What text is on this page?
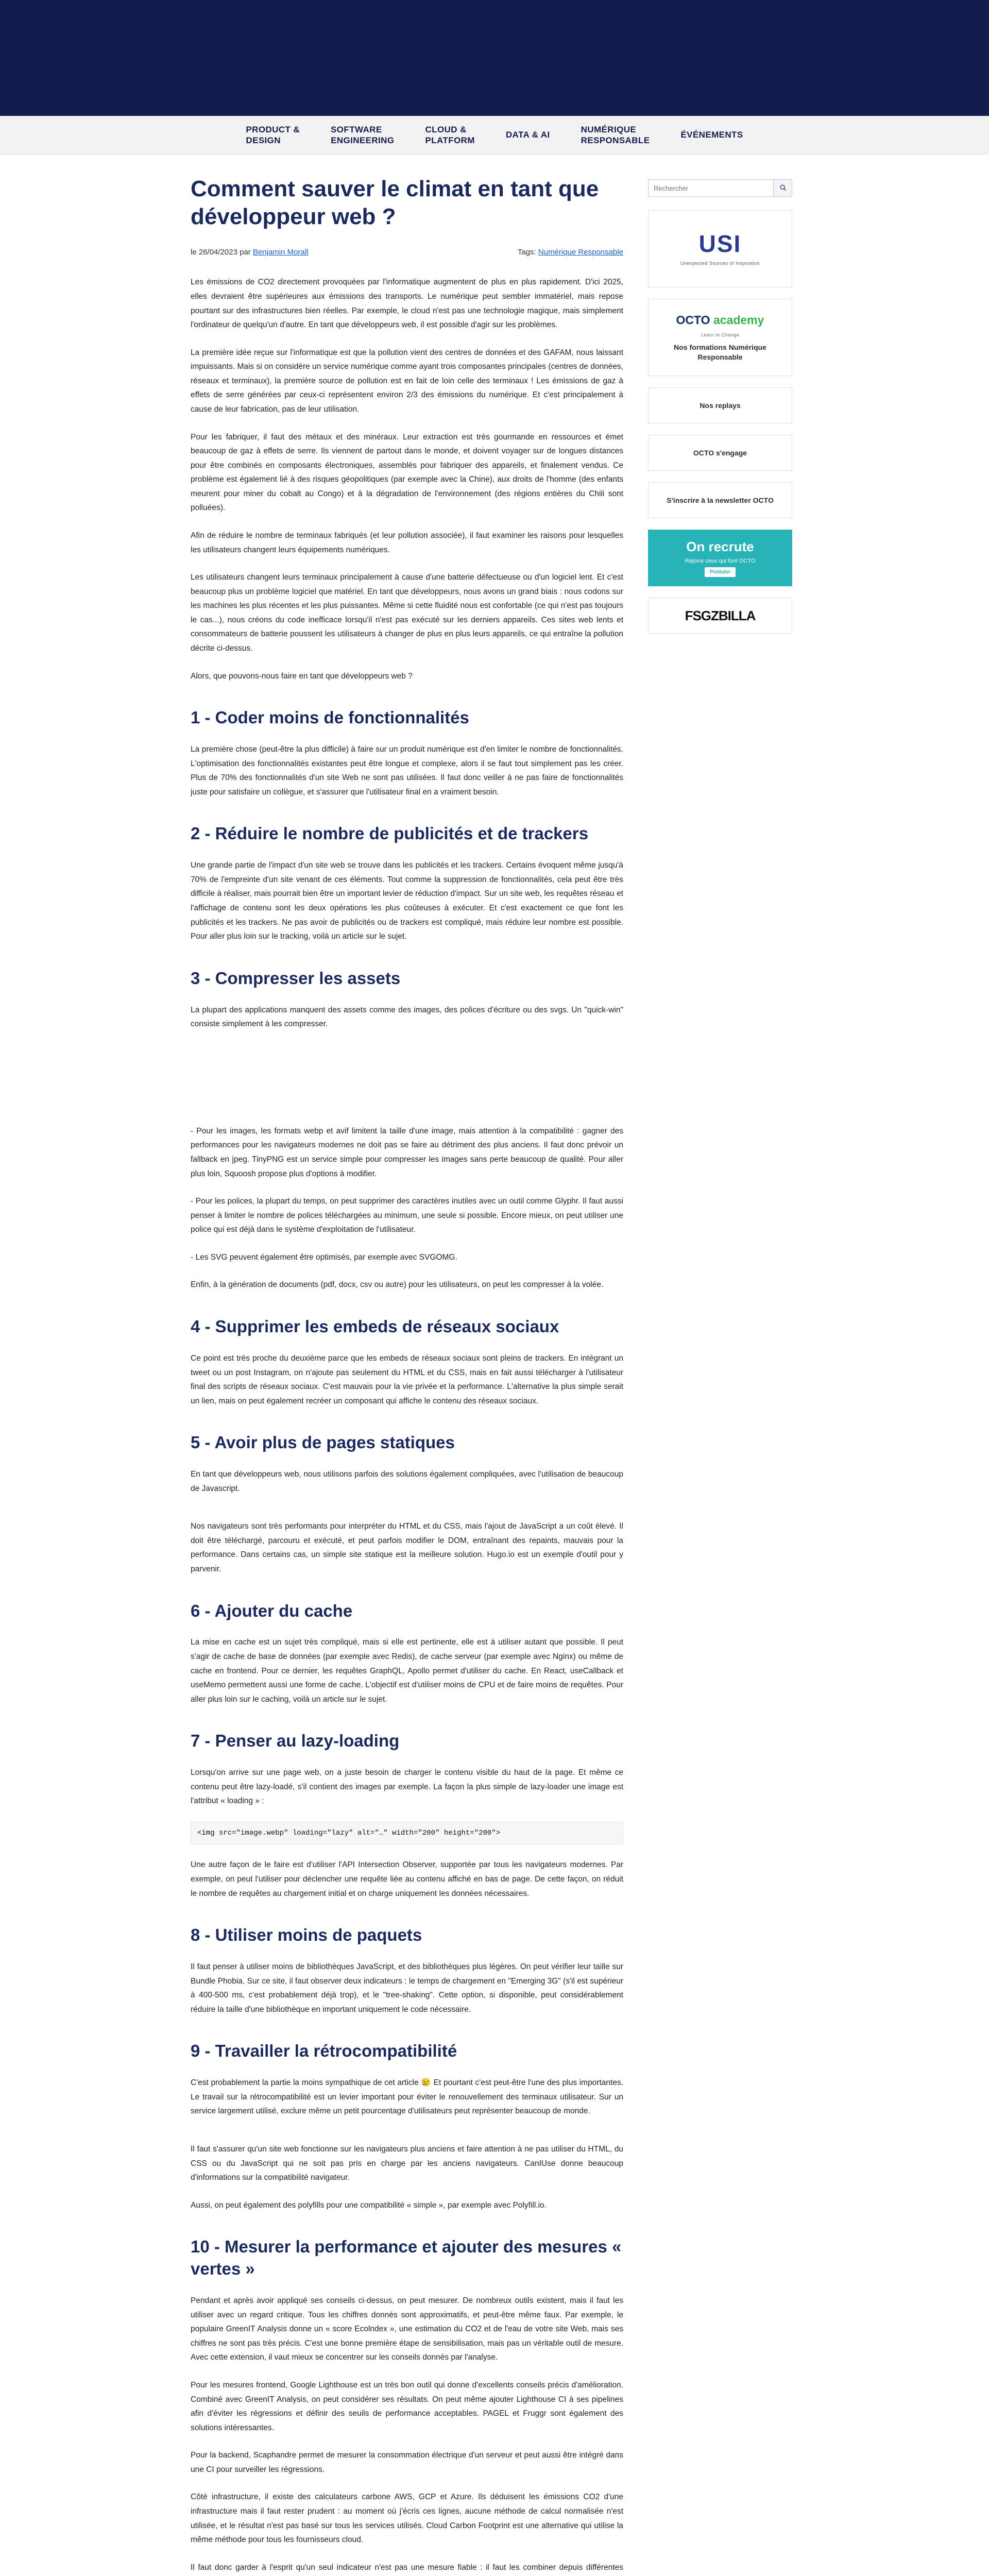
PRODUCT &
DESIGN
SOFTWARE
ENGINEERING
CLOUD &
PLATFORM
DATA & AI
NUMÉRIQUE
RESPONSABLE
ÉVÉNEMENTS
Comment sauver le climat en tant que développeur web ?
le 26/04/2023 par Benjamin Morall	Tags: Numérique Responsable

Les émissions de CO2 directement provoquées par l'informatique augmentent de plus en plus rapidement. D'ici 2025, elles devraient être supérieures aux émissions des transports. Le numérique peut sembler immatériel, mais repose pourtant sur des infrastructures bien réelles. Par exemple, le cloud n'est pas une technologie magique, mais simplement l'ordinateur de quelqu'un d'autre. En tant que développeurs web, il est possible d'agir sur les problèmes.

La première idée reçue sur l'informatique est que la pollution vient des centres de données et des GAFAM, nous laissant impuissants. Mais si on considère un service numérique comme ayant trois composantes principales (centres de données, réseaux et terminaux), la première source de pollution est en fait de loin celle des terminaux ! Les émissions de gaz à effets de serre générées par ceux-ci représentent environ 2/3 des émissions du numérique. Et c'est principalement à cause de leur fabrication, pas de leur utilisation.

Pour les fabriquer, il faut des métaux et des minéraux. Leur extraction est très gourmande en ressources et émet beaucoup de gaz à effets de serre. Ils viennent de partout dans le monde, et doivent voyager sur de longues distances pour être combinés en composants électroniques, assemblés pour fabriquer des appareils, et finalement vendus. Ce problème est également lié à des risques géopolitiques (par exemple avec la Chine), aux droits de l'homme (des enfants meurent pour miner du cobalt au Congo) et à la dégradation de l'environnement (des régions entières du Chili sont polluées).

Afin de réduire le nombre de terminaux fabriqués (et leur pollution associée), il faut examiner les raisons pour lesquelles les utilisateurs changent leurs équipements numériques.

Les utilisateurs changent leurs terminaux principalement à cause d'une batterie défectueuse ou d'un logiciel lent. Et c'est beaucoup plus un problème logiciel que matériel. En tant que développeurs, nous avons un grand biais : nous codons sur les machines les plus récentes et les plus puissantes. Même si cette fluidité nous est confortable (ce qui n'est pas toujours le cas...), nous créons du code inefficace lorsqu'il n'est pas exécuté sur les derniers appareils. Ces sites web lents et consommateurs de batterie poussent les utilisateurs à changer de plus en plus leurs appareils, ce qui entraîne la pollution décrite ci-dessus.

Alors, que pouvons-nous faire en tant que développeurs web ?

1 - Coder moins de fonctionnalités

La première chose (peut-être la plus difficile) à faire sur un produit numérique est d'en limiter le nombre de fonctionnalités. L'optimisation des fonctionnalités existantes peut être longue et complexe, alors il se faut tout simplement pas les créer. Plus de 70% des fonctionnalités d'un site Web ne sont pas utilisées. Il faut donc veiller à ne pas faire de fonctionnalités juste pour satisfaire un collègue, et s'assurer que l'utilisateur final en a vraiment besoin.

2 - Réduire le nombre de publicités et de trackers

Une grande partie de l'impact d'un site web se trouve dans les publicités et les trackers. Certains évoquent même jusqu'à 70% de l'empreinte d'un site venant de ces éléments. Tout comme la suppression de fonctionnalités, cela peut être très difficile à réaliser, mais pourrait bien être un important levier de réduction d'impact. Sur un site web, les requêtes réseau et l'affichage de contenu sont les deux opérations les plus coûteuses à exécuter. Et c'est exactement ce que font les publicités et les trackers. Ne pas avoir de publicités ou de trackers est compliqué, mais réduire leur nombre est possible. Pour aller plus loin sur le tracking, voilà un article sur le sujet.

3 - Compresser les assets

La plupart des applications manquent des assets comme des images, des polices d'écriture ou des svgs. Un "quick-win" consiste simplement à les compresser.

- Pour les images, les formats webp et avif limitent la taille d'une image, mais attention à la compatibilité : gagner des performances pour les navigateurs modernes ne doit pas se faire au détriment des plus anciens. Il faut donc prévoir un fallback en jpeg. TinyPNG est un service simple pour compresser les images sans perte beaucoup de qualité. Pour aller plus loin, Squoosh propose plus d'options à modifier.

- Pour les polices, la plupart du temps, on peut supprimer des caractères inutiles avec un outil comme Glyphr. Il faut aussi penser à limiter le nombre de polices téléchargées au minimum, une seule si possible. Encore mieux, on peut utiliser une police qui est déjà dans le système d'exploitation de l'utilisateur.

- Les SVG peuvent également être optimisés, par exemple avec SVGOMG.

Enfin, à la génération de documents (pdf, docx, csv ou autre) pour les utilisateurs, on peut les compresser à la volée.

4 - Supprimer les embeds de réseaux sociaux

Ce point est très proche du deuxième parce que les embeds de réseaux sociaux sont pleins de trackers. En intégrant un tweet ou un post Instagram, on n'ajoute pas seulement du HTML et du CSS, mais en fait aussi télécharger à l'utilisateur final des scripts de réseaux sociaux. C'est mauvais pour la vie privée et la performance. L'alternative la plus simple serait un lien, mais on peut également recréer un composant qui affiche le contenu des réseaux sociaux.

5 - Avoir plus de pages statiques

En tant que développeurs web, nous utilisons parfois des solutions également compliquées, avec l'utilisation de beaucoup de Javascript.

Nos navigateurs sont très performants pour interpréter du HTML et du CSS, mais l'ajout de JavaScript a un coût élevé. Il doit être téléchargé, parcouru et exécuté, et peut parfois modifier le DOM, entraînant des repaints, mauvais pour la performance. Dans certains cas, un simple site statique est la meilleure solution. Hugo.io est un exemple d'outil pour y parvenir.

6 - Ajouter du cache

La mise en cache est un sujet très compliqué, mais si elle est pertinente, elle est à utiliser autant que possible. Il peut s'agir de cache de base de données (par exemple avec Redis), de cache serveur (par exemple avec Nginx) ou même de cache en frontend. Pour ce dernier, les requêtes GraphQL, Apollo permet d'utiliser du cache. En React, useCallback et useMemo permettent aussi une forme de cache. L'objectif est d'utiliser moins de CPU et de faire moins de requêtes. Pour aller plus loin sur le caching, voilà un article sur le sujet.

7 - Penser au lazy-loading

Lorsqu'on arrive sur une page web, on a juste besoin de charger le contenu visible du haut de la page. Et même ce contenu peut être lazy-loadé, s'il contient des images par exemple. La façon la plus simple de lazy-loader une image est l'attribut « loading » :

<img src="image.webp" loading="lazy" alt="…" width="200" height="200">

Une autre façon de le faire est d'utiliser l'API Intersection Observer, supportée par tous les navigateurs modernes. Par exemple, on peut l'utiliser pour déclencher une requête liée au contenu affiché en bas de page. De cette façon, on réduit le nombre de requêtes au chargement initial et on charge uniquement les données nécessaires.

8 - Utiliser moins de paquets

Il faut penser à utiliser moins de bibliothèques JavaScript, et des bibliothèques plus légères. On peut vérifier leur taille sur Bundle Phobia. Sur ce site, il faut observer deux indicateurs : le temps de chargement en "Emerging 3G" (s'il est supérieur à 400-500 ms, c'est probablement déjà trop), et le "tree-shaking". Cette option, si disponible, peut considérablement réduire la taille d'une bibliothèque en important uniquement le code nécessaire.

9 - Travailler la rétrocompatibilité

C'est probablement la partie la moins sympathique de cet article 😢 Et pourtant c'est peut-être l'une des plus importantes. Le travail sur la rétrocompatibilité est un levier important pour éviter le renouvellement des terminaux utilisateur. Sur un service largement utilisé, exclure même un petit pourcentage d'utilisateurs peut représenter beaucoup de monde.

Il faut s'assurer qu'un site web fonctionne sur les navigateurs plus anciens et faire attention à ne pas utiliser du HTML, du CSS ou du JavaScript qui ne soit pas pris en charge par les anciens navigateurs. CanIUse donne beaucoup d'informations sur la compatibilité navigateur.

Aussi, on peut également des polyfills pour une compatibilité « simple », par exemple avec Polyfill.io.

10 - Mesurer la performance et ajouter des mesures « vertes »

Pendant et après avoir appliqué ses conseils ci-dessus, on peut mesurer. De nombreux outils existent, mais il faut les utiliser avec un regard critique. Tous les chiffres donnés sont approximatifs, et peut-être même faux. Par exemple, le populaire GreenIT Analysis donne un « score Ecolndex », une estimation du CO2 et de l'eau de votre site Web, mais ses chiffres ne sont pas très précis. C'est une bonne première étape de sensibilisation, mais pas un véritable outil de mesure. Avec cette extension, il vaut mieux se concentrer sur les conseils donnés par l'analyse.

Pour les mesures frontend, Google Lighthouse est un très bon outil qui donne d'excellents conseils précis d'amélioration. Combiné avec GreenIT Analysis, on peut considérer ses résultats. On peut même ajouter Lighthouse CI à ses pipelines afin d'éviter les régressions et définir des seuils de performance acceptables. PAGEL et Fruggr sont également des solutions intéressantes.

Pour la backend, Scaphandre permet de mesurer la consommation électrique d'un serveur et peut aussi être intégré dans une CI pour surveiller les régressions.

Côté infrastructure, il existe des calculateurs carbone AWS, GCP et Azure. Ils déduisent les émissions CO2 d'une infrastructure mais il faut rester prudent : au moment où j'écris ces lignes, aucune méthode de calcul normalisée n'est utilisée, et le résultat n'est pas basé sur tous les services utilisés. Cloud Carbon Footprint est une alternative qui utilise la même méthode pour tous les fournisseurs cloud.

Il faut donc garder à l'esprit qu'un seul indicateur n'est pas une mesure fiable : il faut les combiner depuis différentes

Rechercher
USI
Unexpected Sources of Inspiration
OCTO academy
Learn to Change
Nos formations Numérique Responsable
Nos replays
OCTO s'engage
S'inscrire à la newsletter OCTO
On recrute
Rejoins ceux qui font OCTO
Postuler
FSGZBILLA
